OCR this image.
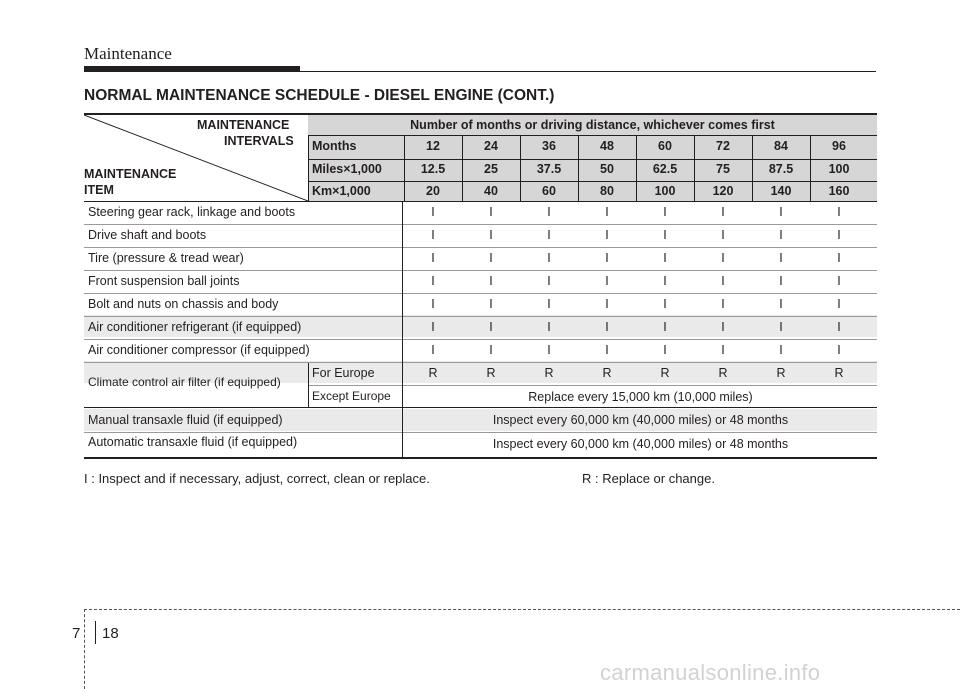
Maintenance
NORMAL MAINTENANCE SCHEDULE - DIESEL ENGINE (CONT.)
MAINTENANCE
INTERVALS
MAINTENANCE
ITEM
Number of months or driving distance, whichever comes first
Months	12	24	36	48	60	72	84	96
Miles×1,000	12.5	25	37.5	50	62.5	75	87.5	100
Km×1,000	20	40	60	80	100	120	140	160
Steering gear rack, linkage and boots	I	I	I	I	I	I	I	I
Drive shaft and boots	I	I	I	I	I	I	I	I
Tire (pressure & tread wear)	I	I	I	I	I	I	I	I
Front suspension ball joints	I	I	I	I	I	I	I	I
Bolt and nuts on chassis and body	I	I	I	I	I	I	I	I
Air conditioner refrigerant (if equipped)	I	I	I	I	I	I	I	I
Air conditioner compressor (if equipped)	I	I	I	I	I	I	I	I
Climate control air filter (if equipped)
For Europe	R	R	R	R	R	R	R	R
Except Europe	Replace every 15,000 km (10,000 miles)
Manual transaxle fluid (if equipped)	Inspect every 60,000 km (40,000 miles) or 48 months
Automatic transaxle fluid (if equipped)	Inspect every 60,000 km (40,000 miles) or 48 months
I : Inspect and if necessary, adjust, correct, clean or replace.	R : Replace or change.
7 18
carmanualsonline.info
